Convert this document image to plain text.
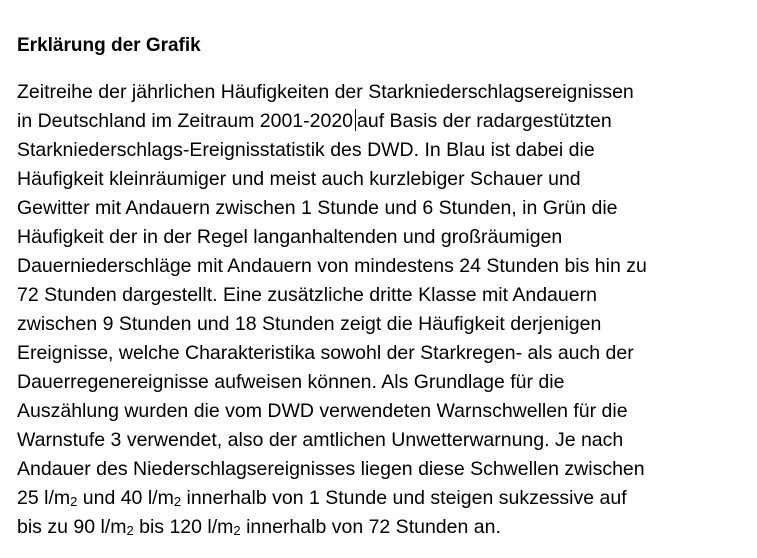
Erklärung der Grafik
Zeitreihe der jährlichen Häufigkeiten der Starkniederschlagsereignissen
in Deutschland im Zeitraum 2001-2020 auf Basis der radargestützten
Starkniederschlags-Ereignisstatistik des DWD. In Blau ist dabei die
Häufigkeit kleinräumiger und meist auch kurzlebiger Schauer und
Gewitter mit Andauern zwischen 1 Stunde und 6 Stunden, in Grün die
Häufigkeit der in der Regel langanhaltenden und großräumigen
Dauerniederschläge mit Andauern von mindestens 24 Stunden bis hin zu
72 Stunden dargestellt. Eine zusätzliche dritte Klasse mit Andauern
zwischen 9 Stunden und 18 Stunden zeigt die Häufigkeit derjenigen
Ereignisse, welche Charakteristika sowohl der Starkregen- als auch der
Dauerregenereignisse aufweisen können. Als Grundlage für die
Auszählung wurden die vom DWD verwendeten Warnschwellen für die
Warnstufe 3 verwendet, also der amtlichen Unwetterwarnung. Je nach
Andauer des Niederschlagsereignisses liegen diese Schwellen zwischen
25 l/m2 und 40 l/m2 innerhalb von 1 Stunde und steigen sukzessive auf
bis zu 90 l/m2 bis 120 l/m2 innerhalb von 72 Stunden an.
